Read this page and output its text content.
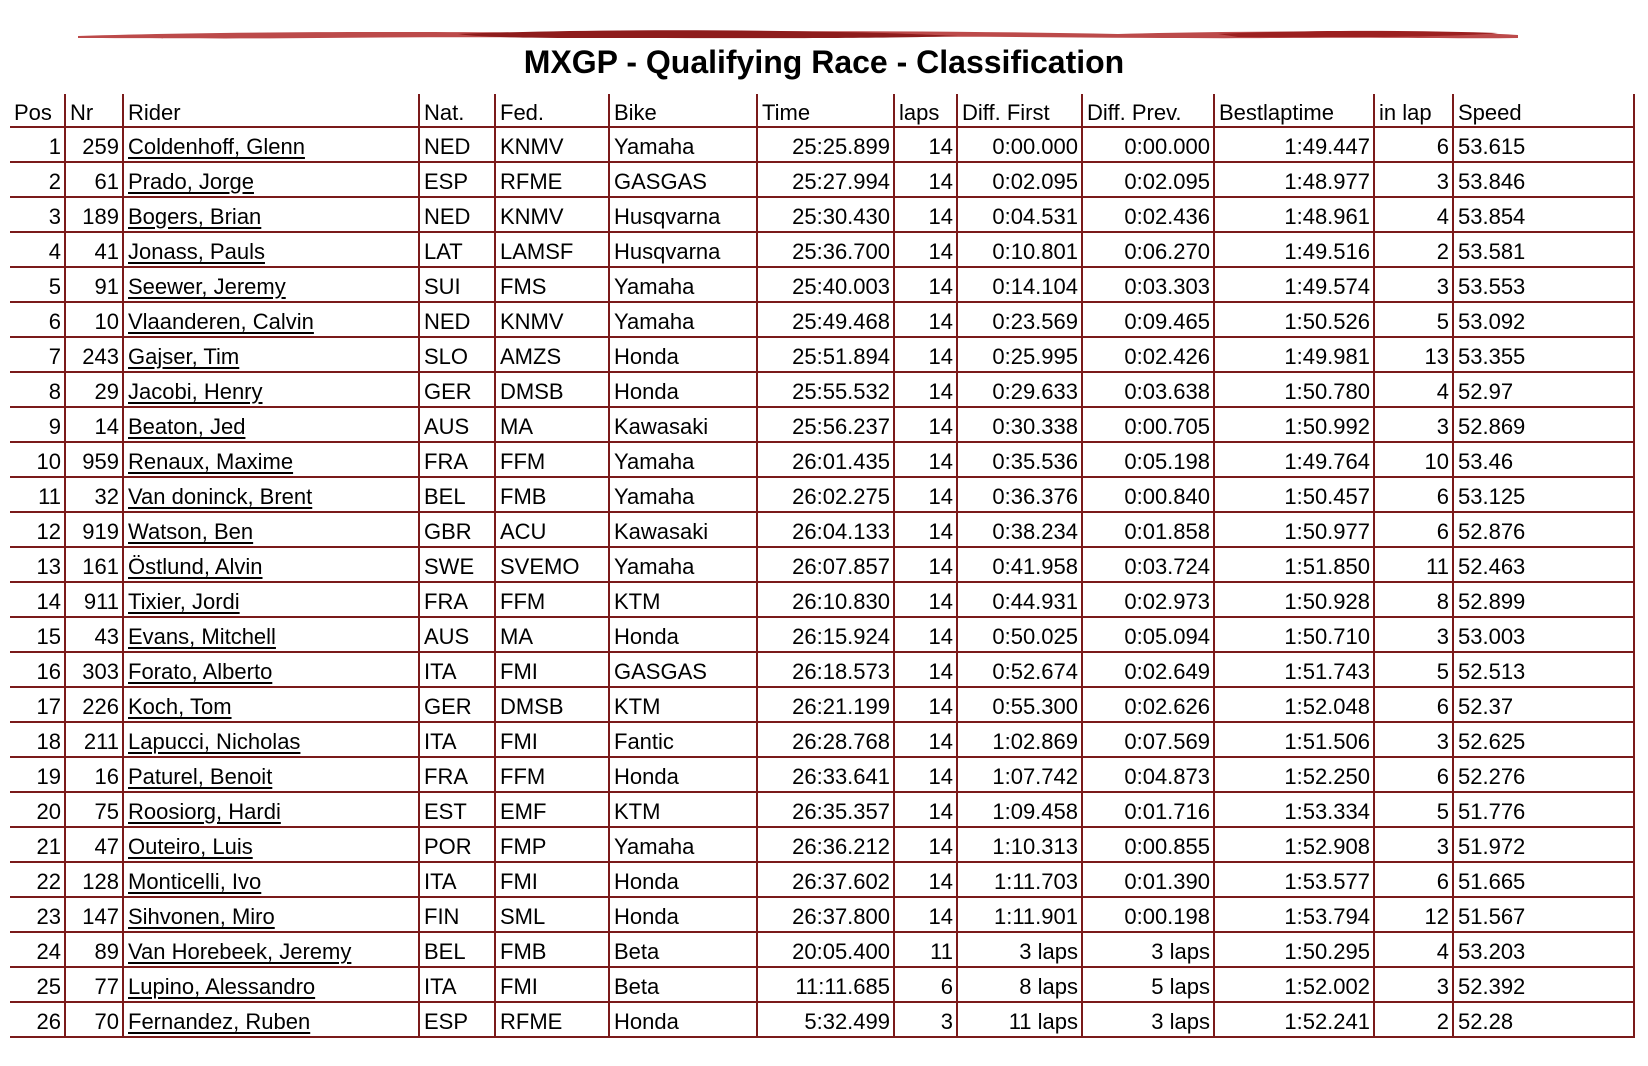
MXGP - Qualifying Race - Classification
Pos	Nr	Rider	Nat.	Fed.	Bike	Time	laps	Diff. First	Diff. Prev.	Bestlaptime	in lap	Speed
1	259	Coldenhoff, Glenn	NED	KNMV	Yamaha	25:25.899	14	0:00.000	0:00.000	1:49.447	6	53.615
2	61	Prado, Jorge	ESP	RFME	GASGAS	25:27.994	14	0:02.095	0:02.095	1:48.977	3	53.846
3	189	Bogers, Brian	NED	KNMV	Husqvarna	25:30.430	14	0:04.531	0:02.436	1:48.961	4	53.854
4	41	Jonass, Pauls	LAT	LAMSF	Husqvarna	25:36.700	14	0:10.801	0:06.270	1:49.516	2	53.581
5	91	Seewer, Jeremy	SUI	FMS	Yamaha	25:40.003	14	0:14.104	0:03.303	1:49.574	3	53.553
6	10	Vlaanderen, Calvin	NED	KNMV	Yamaha	25:49.468	14	0:23.569	0:09.465	1:50.526	5	53.092
7	243	Gajser, Tim	SLO	AMZS	Honda	25:51.894	14	0:25.995	0:02.426	1:49.981	13	53.355
8	29	Jacobi, Henry	GER	DMSB	Honda	25:55.532	14	0:29.633	0:03.638	1:50.780	4	52.97
9	14	Beaton, Jed	AUS	MA	Kawasaki	25:56.237	14	0:30.338	0:00.705	1:50.992	3	52.869
10	959	Renaux, Maxime	FRA	FFM	Yamaha	26:01.435	14	0:35.536	0:05.198	1:49.764	10	53.46
11	32	Van doninck, Brent	BEL	FMB	Yamaha	26:02.275	14	0:36.376	0:00.840	1:50.457	6	53.125
12	919	Watson, Ben	GBR	ACU	Kawasaki	26:04.133	14	0:38.234	0:01.858	1:50.977	6	52.876
13	161	Östlund, Alvin	SWE	SVEMO	Yamaha	26:07.857	14	0:41.958	0:03.724	1:51.850	11	52.463
14	911	Tixier, Jordi	FRA	FFM	KTM	26:10.830	14	0:44.931	0:02.973	1:50.928	8	52.899
15	43	Evans, Mitchell	AUS	MA	Honda	26:15.924	14	0:50.025	0:05.094	1:50.710	3	53.003
16	303	Forato, Alberto	ITA	FMI	GASGAS	26:18.573	14	0:52.674	0:02.649	1:51.743	5	52.513
17	226	Koch, Tom	GER	DMSB	KTM	26:21.199	14	0:55.300	0:02.626	1:52.048	6	52.37
18	211	Lapucci, Nicholas	ITA	FMI	Fantic	26:28.768	14	1:02.869	0:07.569	1:51.506	3	52.625
19	16	Paturel, Benoit	FRA	FFM	Honda	26:33.641	14	1:07.742	0:04.873	1:52.250	6	52.276
20	75	Roosiorg, Hardi	EST	EMF	KTM	26:35.357	14	1:09.458	0:01.716	1:53.334	5	51.776
21	47	Outeiro, Luis	POR	FMP	Yamaha	26:36.212	14	1:10.313	0:00.855	1:52.908	3	51.972
22	128	Monticelli, Ivo	ITA	FMI	Honda	26:37.602	14	1:11.703	0:01.390	1:53.577	6	51.665
23	147	Sihvonen, Miro	FIN	SML	Honda	26:37.800	14	1:11.901	0:00.198	1:53.794	12	51.567
24	89	Van Horebeek, Jeremy	BEL	FMB	Beta	20:05.400	11	3 laps	3 laps	1:50.295	4	53.203
25	77	Lupino, Alessandro	ITA	FMI	Beta	11:11.685	6	8 laps	5 laps	1:52.002	3	52.392
26	70	Fernandez, Ruben	ESP	RFME	Honda	5:32.499	3	11 laps	3 laps	1:52.241	2	52.28
